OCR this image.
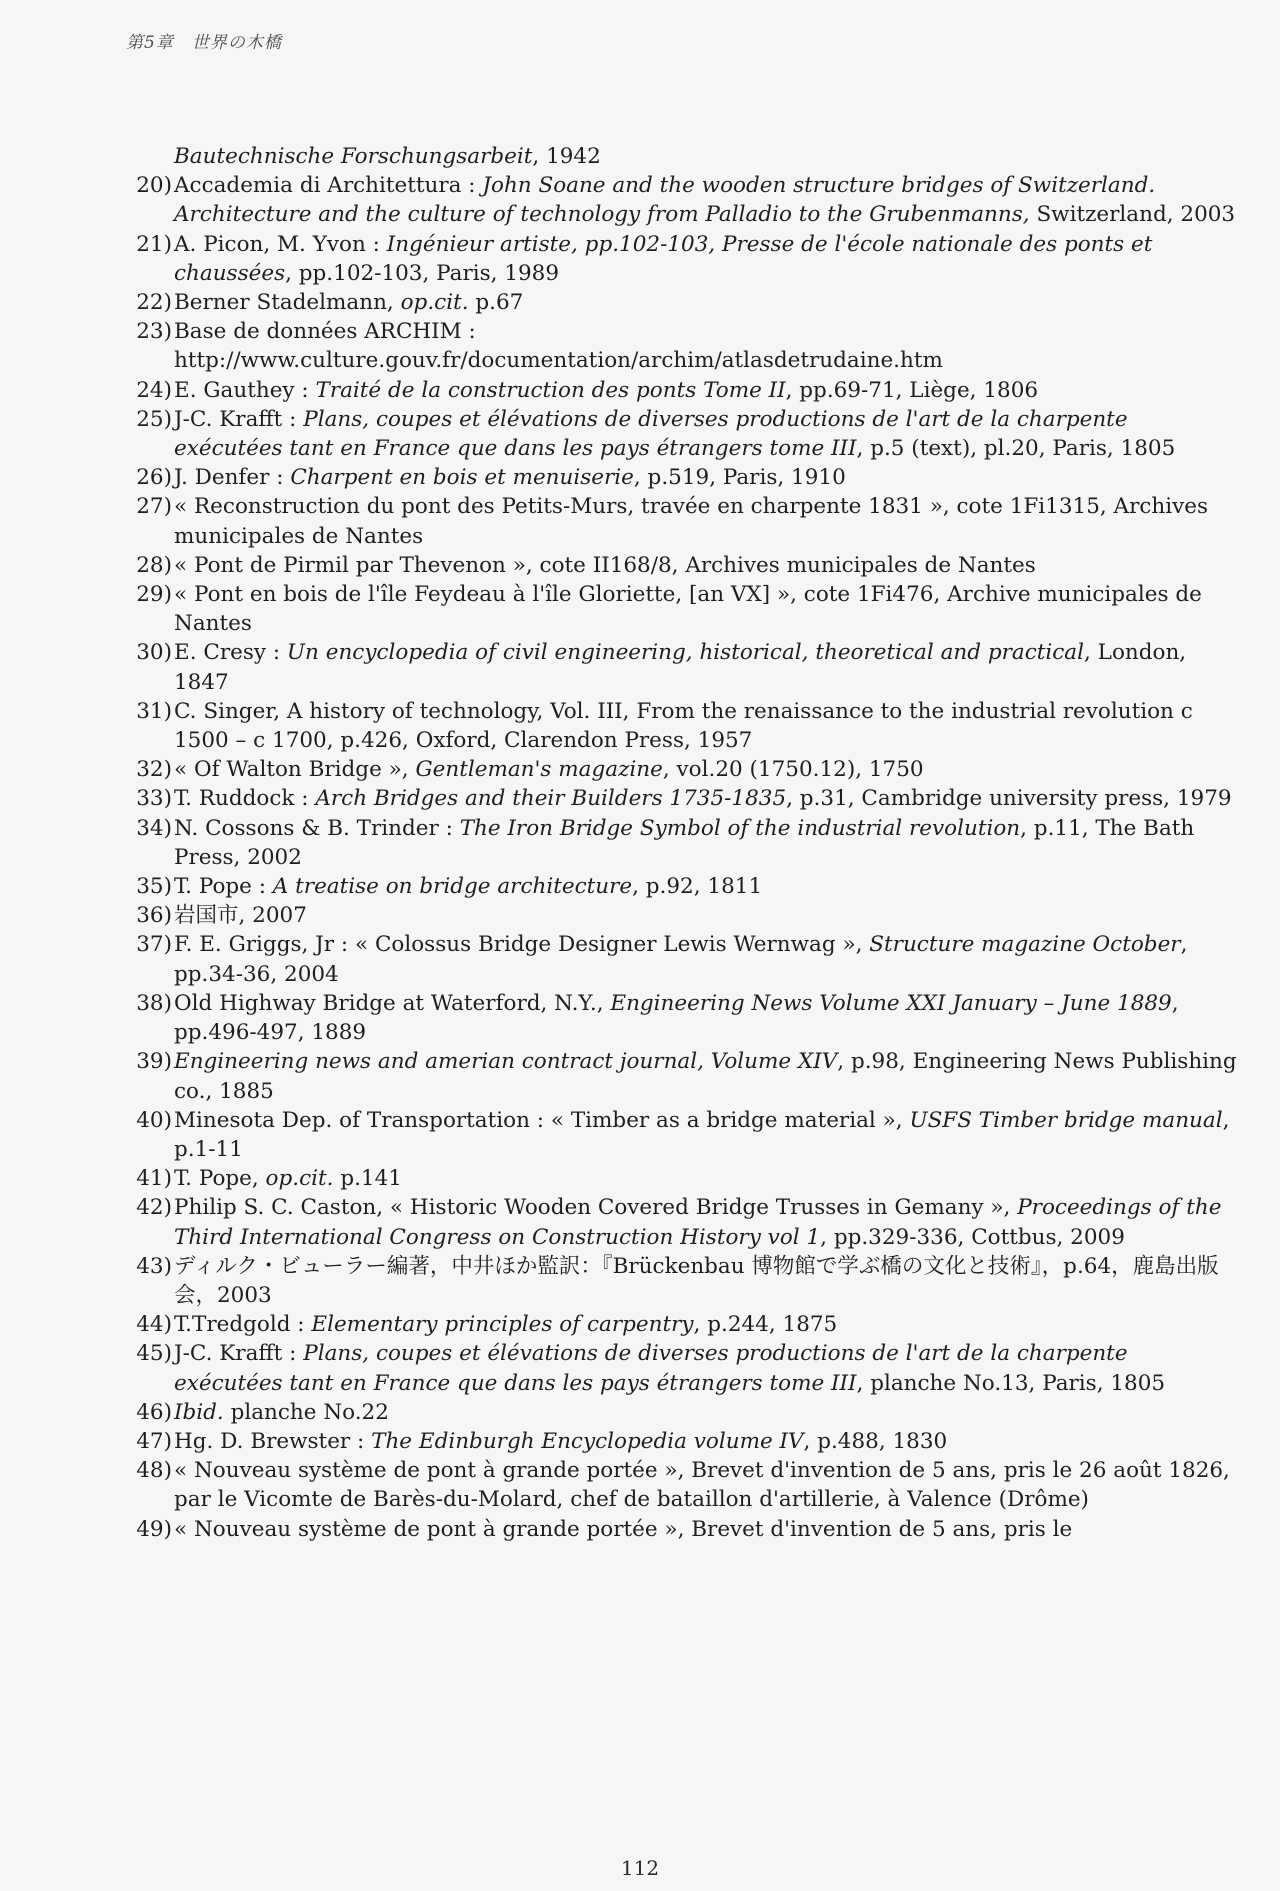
第5章　世界の木橋
Bautechnische Forschungsarbeit, 1942
20) Accademia di Architettura : John Soane and the wooden structure bridges of Switzerland. Architecture and the culture of technology from Palladio to the Grubenmanns, Switzerland, 2003
21) A. Picon, M. Yvon : Ingénieur artiste, pp.102-103, Presse de l'école nationale des ponts et chaussées, pp.102-103, Paris, 1989
22) Berner Stadelmann, op.cit. p.67
23) Base de données ARCHIM : http://www.culture.gouv.fr/documentation/archim/atlasdetrudaine.htm
24) E. Gauthey : Traité de la construction des ponts Tome II, pp.69-71, Liège, 1806
25) J-C. Krafft : Plans, coupes et élévations de diverses productions de l'art de la charpente exécutées tant en France que dans les pays étrangers tome III, p.5 (text), pl.20, Paris, 1805
26) J. Denfer : Charpent en bois et menuiserie, p.519, Paris, 1910
27) « Reconstruction du pont des Petits-Murs, travée en charpente 1831 », cote 1Fi1315, Archives municipales de Nantes
28) « Pont de Pirmil par Thevenon », cote II168/8, Archives municipales de Nantes
29) « Pont en bois de l'île Feydeau à l'île Gloriette, [an VX] », cote 1Fi476, Archive municipales de Nantes
30) E. Cresy : Un encyclopedia of civil engineering, historical, theoretical and practical, London, 1847
31) C. Singer, A history of technology, Vol. III, From the renaissance to the industrial revolution c 1500 – c 1700, p.426, Oxford, Clarendon Press, 1957
32) « Of Walton Bridge », Gentleman's magazine, vol.20 (1750.12), 1750
33) T. Ruddock : Arch Bridges and their Builders 1735-1835, p.31, Cambridge university press, 1979
34) N. Cossons & B. Trinder : The Iron Bridge Symbol of the industrial revolution, p.11, The Bath Press, 2002
35) T. Pope : A treatise on bridge architecture, p.92, 1811
36) 岩国市, 2007
37) F. E. Griggs, Jr : « Colossus Bridge Designer Lewis Wernwag », Structure magazine October, pp.34-36, 2004
38) Old Highway Bridge at Waterford, N.Y., Engineering News Volume XXI January – June 1889, pp.496-497, 1889
39) Engineering news and amerian contract journal, Volume XIV, p.98, Engineering News Publishing co., 1885
40) Minesota Dep. of Transportation : « Timber as a bridge material », USFS Timber bridge manual, p.1-11
41) T. Pope, op.cit. p.141
42) Philip S. C. Caston, « Historic Wooden Covered Bridge Trusses in Gemany », Proceedings of the Third International Congress on Construction History vol 1, pp.329-336, Cottbus, 2009
43) ディルク・ビューラー編著，中井ほか監訳：『Brückenbau 博物館で学ぶ橋の文化と技術』，p.64，鹿島出版会，2003
44) T.Tredgold : Elementary principles of carpentry, p.244, 1875
45) J-C. Krafft : Plans, coupes et élévations de diverses productions de l'art de la charpente exécutées tant en France que dans les pays étrangers tome III, planche No.13, Paris, 1805
46) Ibid. planche No.22
47) Hg. D. Brewster : The Edinburgh Encyclopedia volume IV, p.488, 1830
48) « Nouveau système de pont à grande portée », Brevet d'invention de 5 ans, pris le 26 août 1826, par le Vicomte de Barès-du-Molard, chef de bataillon d'artillerie, à Valence (Drôme)
49) « Nouveau système de pont à grande portée », Brevet d'invention de 5 ans, pris le
112
